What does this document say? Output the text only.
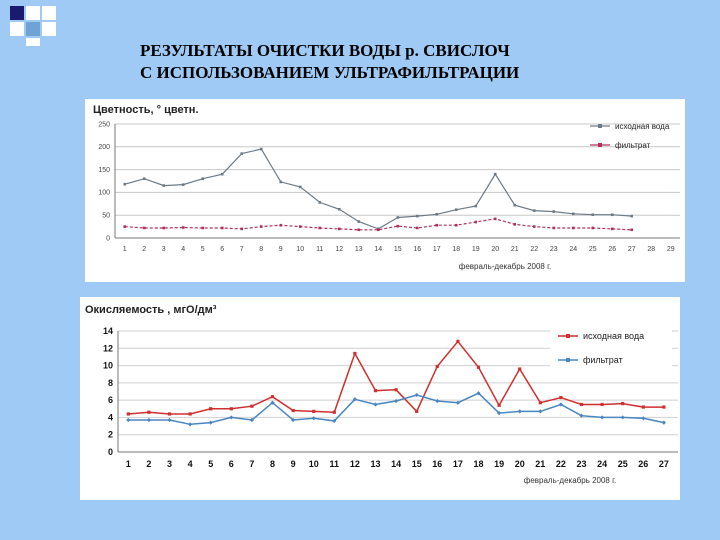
РЕЗУЛЬТАТЫ ОЧИСТКИ ВОДЫ р. СВИСЛОЧ
С ИСПОЛЬЗОВАНИЕМ УЛЬТРАФИЛЬТРАЦИИ
Цветность, ° цветн.
0
50
100
150
200
250
1 2 3 4 5 6 7 8 9 10 11 12 13 14 15 16 17 18 19 20 21 22 23 24 25 26 27 28 29
февраль-декабрь 2008 г.
исходная вода
фильтрат
Окисляемость , мгО/дм³
0
2
4
6
8
10
12
14
1 2 3 4 5 6 7 8 9 10 11 12 13 14 15 16 17 18 19 20 21 22 23 24 25 26 27
февраль-декабрь 2008 г.
исходная вода
фильтрат
